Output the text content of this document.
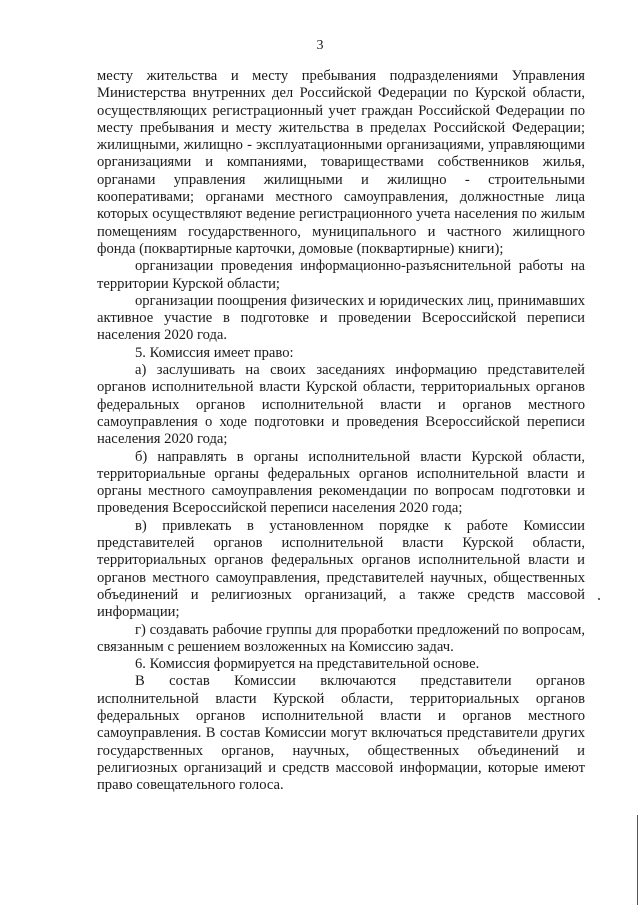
3

месту жительства и месту пребывания подразделениями Управления Министерства внутренних дел Российской Федерации по Курской области, осуществляющих регистрационный учет граждан Российской Федерации по месту пребывания и месту жительства в пределах Российской Федерации; жилищными, жилищно - эксплуатационными организациями, управляющими организациями и компаниями, товариществами собственников жилья, органами управления жилищными и жилищно - строительными кооперативами; органами местного самоуправления, должностные лица которых осуществляют ведение регистрационного учета населения по жилым помещениям государственного, муниципального и частного жилищного фонда (поквартирные карточки, домовые (поквартирные) книги);

организации проведения информационно-разъяснительной работы на территории Курской области;

организации поощрения физических и юридических лиц, принимавших активное участие в подготовке и проведении Всероссийской переписи населения 2020 года.

5. Комиссия имеет право:

а) заслушивать на своих заседаниях информацию представителей органов исполнительной власти Курской области, территориальных органов федеральных органов исполнительной власти и органов местного самоуправления о ходе подготовки и проведения Всероссийской переписи населения 2020 года;

б) направлять в органы исполнительной власти Курской области, территориальные органы федеральных органов исполнительной власти и органы местного самоуправления рекомендации по вопросам подготовки и проведения Всероссийской переписи населения 2020 года;

в) привлекать в установленном порядке к работе Комиссии представителей органов исполнительной власти Курской области, территориальных органов федеральных органов исполнительной власти и органов местного самоуправления, представителей научных, общественных объединений и религиозных организаций, а также средств массовой информации;

г) создавать рабочие группы для проработки предложений по вопросам, связанным с решением возложенных на Комиссию задач.

6. Комиссия формируется на представительной основе.

В состав Комиссии включаются представители органов исполнительной власти Курской области, территориальных органов федеральных органов исполнительной власти и органов местного самоуправления. В состав Комиссии могут включаться представители других государственных органов, научных, общественных объединений и религиозных организаций и средств массовой информации, которые имеют право совещательного голоса.
